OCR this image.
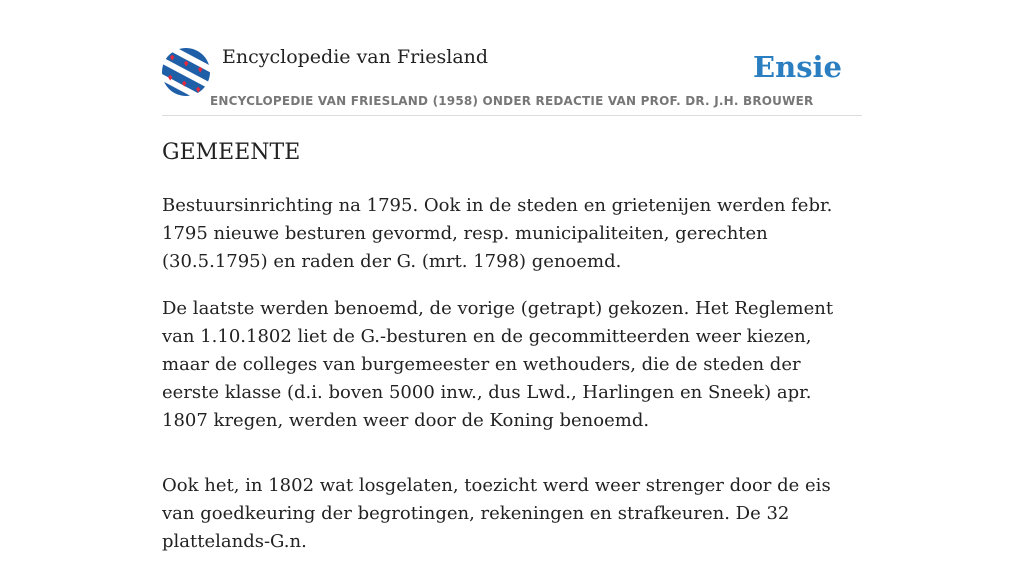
Encyclopedie van Friesland	Ensie
ENCYCLOPEDIE VAN FRIESLAND (1958) ONDER REDACTIE VAN PROF. DR. J.H. BROUWER
GEMEENTE

Bestuursinrichting na 1795. Ook in de steden en grietenijen werden febr. 1795 nieuwe besturen gevormd, resp. municipaliteiten, gerechten (30.5.1795) en raden der G. (mrt. 1798) genoemd.

De laatste werden benoemd, de vorige (getrapt) gekozen. Het Reglement van 1.10.1802 liet de G.-besturen en de gecommitteerden weer kiezen, maar de colleges van burgemeester en wethouders, die de steden der eerste klasse (d.i. boven 5000 inw., dus Lwd., Harlingen en Sneek) apr. 1807 kregen, werden weer door de Koning benoemd.

Ook het, in 1802 wat losgelaten, toezicht werd weer strenger door de eis van goedkeuring der begrotingen, rekeningen en strafkeuren. De 32 plattelands-G.n.
